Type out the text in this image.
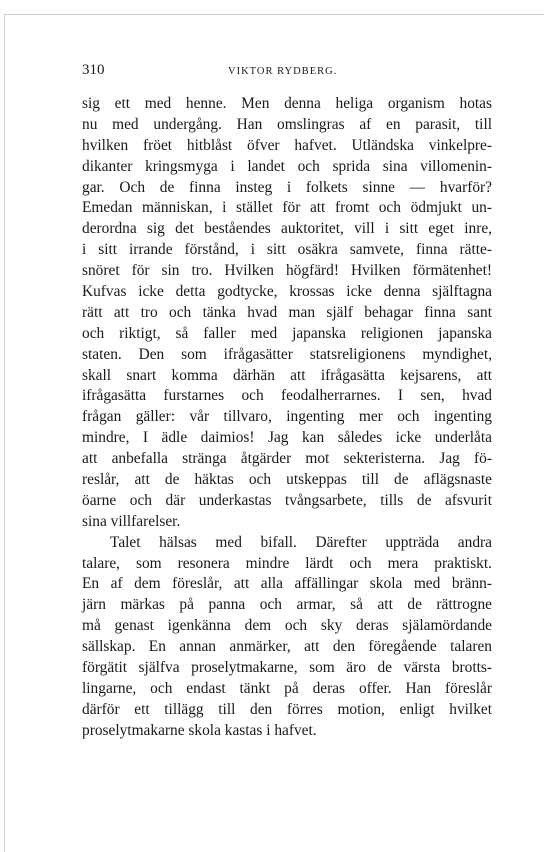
310	VIKTOR RYDBERG.
sig ett med henne. Men denna heliga organism hotas
nu med undergång. Han omslingras af en parasit, till
hvilken fröet hitblåst öfver hafvet. Utländska vinkelpre-
dikanter kringsmyga i landet och sprida sina villomenin-
gar. Och de finna insteg i folkets sinne — hvarför?
Emedan människan, i stället för att fromt och ödmjukt un-
derordna sig det beståendes auktoritet, vill i sitt eget inre,
i sitt irrande förstånd, i sitt osäkra samvete, finna rätte-
snöret för sin tro. Hvilken högfärd! Hvilken förmätenhet!
Kufvas icke detta godtycke, krossas icke denna själftagna
rätt att tro och tänka hvad man själf behagar finna sant
och riktigt, så faller med japanska religionen japanska
staten. Den som ifrågasätter statsreligionens myndighet,
skall snart komma därhän att ifrågasätta kejsarens, att
ifrågasätta furstarnes och feodalherrarnes. I sen, hvad
frågan gäller: vår tillvaro, ingenting mer och ingenting
mindre, I ädle daimios! Jag kan således icke underlåta
att anbefalla stränga åtgärder mot sekteristerna. Jag fö-
reslår, att de häktas och utskeppas till de aflägsnaste
öarne och där underkastas tvångsarbete, tills de afsvurit
sina villfarelser.
Talet hälsas med bifall. Därefter uppträda andra
talare, som resonera mindre lärdt och mera praktiskt.
En af dem föreslår, att alla affällingar skola med bränn-
järn märkas på panna och armar, så att de rättrogne
må genast igenkänna dem och sky deras själamördande
sällskap. En annan anmärker, att den föregående talaren
förgätit själfva proselytmakarne, som äro de värsta brotts-
lingarne, och endast tänkt på deras offer. Han föreslår
därför ett tillägg till den förres motion, enligt hvilket
proselytmakarne skola kastas i hafvet.
